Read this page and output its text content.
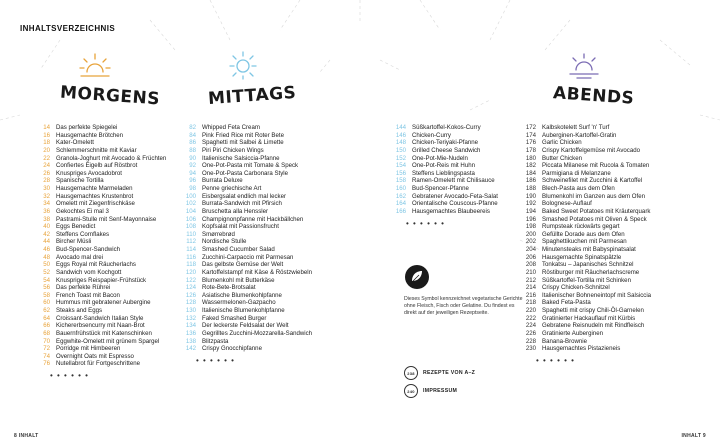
INHALTSVERZEICHNIS
MORGENS
14 Das perfekte Spiegelei
16 Hausgemachte Brötchen
18 Kater-Omelett
20 Schlemmerschnitte mit Kaviar
22 Granola-Joghurt mit Avocado & Früchten
24 Confiertes Eigelb auf Röstbrot
26 Knuspriges Avocadobrot
28 Spanische Tortilla
30 Hausgemachte Marmeladen
32 Hausgemachtes Krustenbrot
34 Omelett mit Ziegenfrischkäse
36 Gekochtes Ei mal 3
38 Pastrami-Stulle mit Senf-Mayonnaise
40 Eggs Benedict
42 Steffens Cornflakes
44 Bircher Müsli
46 Bud-Spencer-Sandwich
48 Avocado mal drei
50 Eggs Royal mit Räucherlachs
52 Sandwich vom Kochgott
54 Knuspriges Reispapier-Frühstück
56 Das perfekte Rührei
58 French Toast mit Bacon
60 Hummus mit gebratener Aubergine
62 Steaks and Eggs
64 Croissant-Sandwich Italian Style
66 Kichererbsencurry mit Naan-Brot
68 Bauernfrühstück mit Katenschinken
70 Eggwhite-Omelett mit grünem Spargel
72 Porridge mit Himbeeren
74 Overnight Oats mit Espresso
76 Nutellabrot für Fortgeschrittene
• • • • • •
MITTAGS
82 Whipped Feta Cream
84 Pink Fried Rice mit Roter Bete
86 Spaghetti mit Salbei & Limette
88 Piri Piri Chicken Wings
90 Italienische Salsiccia-Pfanne
92 One-Pot-Pasta mit Tomate & Speck
94 One-Pot-Pasta Carbonara Style
96 Burrata Deluxe
98 Penne griechische Art
100 Eisbergsalat endlich mal lecker
102 Burrata-Sandwich mit Pfirsich
104 Bruschetta alla Henssler
106 Champignonpfanne mit Hackbällchen
108 Kopfsalat mit Passionsfrucht
110 Smørrebrød
112 Nordische Stulle
114 Smashed Cucumber Salad
116 Zucchini-Carpaccio mit Parmesan
118 Das gelbste Gemüse der Welt
120 Kartoffelstampf mit Käse & Röstzwiebeln
122 Blumenkohl mit Butterkäse
124 Rote-Bete-Brotsalat
126 Asiatische Blumenkohlpfanne
128 Wassermelonen-Gazpacho
130 Italienische Blumenkohlpfanne
132 Faked Smashed Burger
134 Der leckerste Feldsalat der Welt
136 Gegrilltes Zucchini-Mozzarella-Sandwich
138 Blitzpasta
142 Crispy Gnocchipfanne
• • • • • •
144 Süßkartoffel-Kokos-Curry
146 Chicken-Curry
148 Chicken-Teriyaki-Pfanne
150 Grilled Cheese Sandwich
152 One-Pot-Mie-Nudeln
154 One-Pot-Reis mit Huhn
156 Steffens Lieblingspasta
158 Ramen-Omelett mit Chilisauce
160 Bud-Spencer-Pfanne
162 Gebratener Avocado-Feta-Salat
164 Orientalische Couscous-Pfanne
166 Hausgemachtes Blaubeereis
• • • • • •
ABENDS
172 Kalbskotelett Surf 'n' Turf
174 Auberginen-Kartoffel-Gratin
176 Garlic Chicken
178 Crispy Kartoffelgemüse mit Avocado
180 Butter Chicken
182 Piccata Milanese mit Rucola & Tomaten
184 Parmigiana di Melanzane
186 Schweinefilet mit Zucchini & Kartoffel
188 Blech-Pasta aus dem Ofen
190 Blumenkohl im Ganzen aus dem Ofen
192 Bolognese-Auflauf
194 Baked Sweet Potatoes mit Kräuterquark
196 Smashed Potatoes mit Oliven & Speck
198 Rumpsteak rückwärts gegart
200 Gefüllte Dorade aus dem Ofen
202 Spaghettikuchen mit Parmesan
204 Minutensteaks mit Babyspinatsalat
206 Hausgemachte Spinatspätzle
208 Tonkatsu – Japanisches Schnitzel
210 Röstiburger mit Räucherlachscreme
212 Süßkartoffel-Tortilla mit Schinken
214 Crispy Chicken-Schnitzel
216 Italienischer Bohneneintopf mit Salsiccia
218 Baked Feta-Pasta
220 Spaghetti mit crispy Chili-Öl-Garnelen
222 Gratinierter Hackauflauf mit Kürbis
224 Gebratene Reisnudeln mit Rindfleisch
226 Gratinierte Auberginen
228 Banana-Brownie
230 Hausgemachtes Pistazieneis
• • • • • •
Dieses Symbol kennzeichnet vegetarische Gerichte ohne Fleisch, Fisch oder Gelatine. Du findest es direkt auf der jeweiligen Rezeptseite.
238	REZEPTE VON A–Z
240	IMPRESSUM
8 INHALT	INHALT 9
